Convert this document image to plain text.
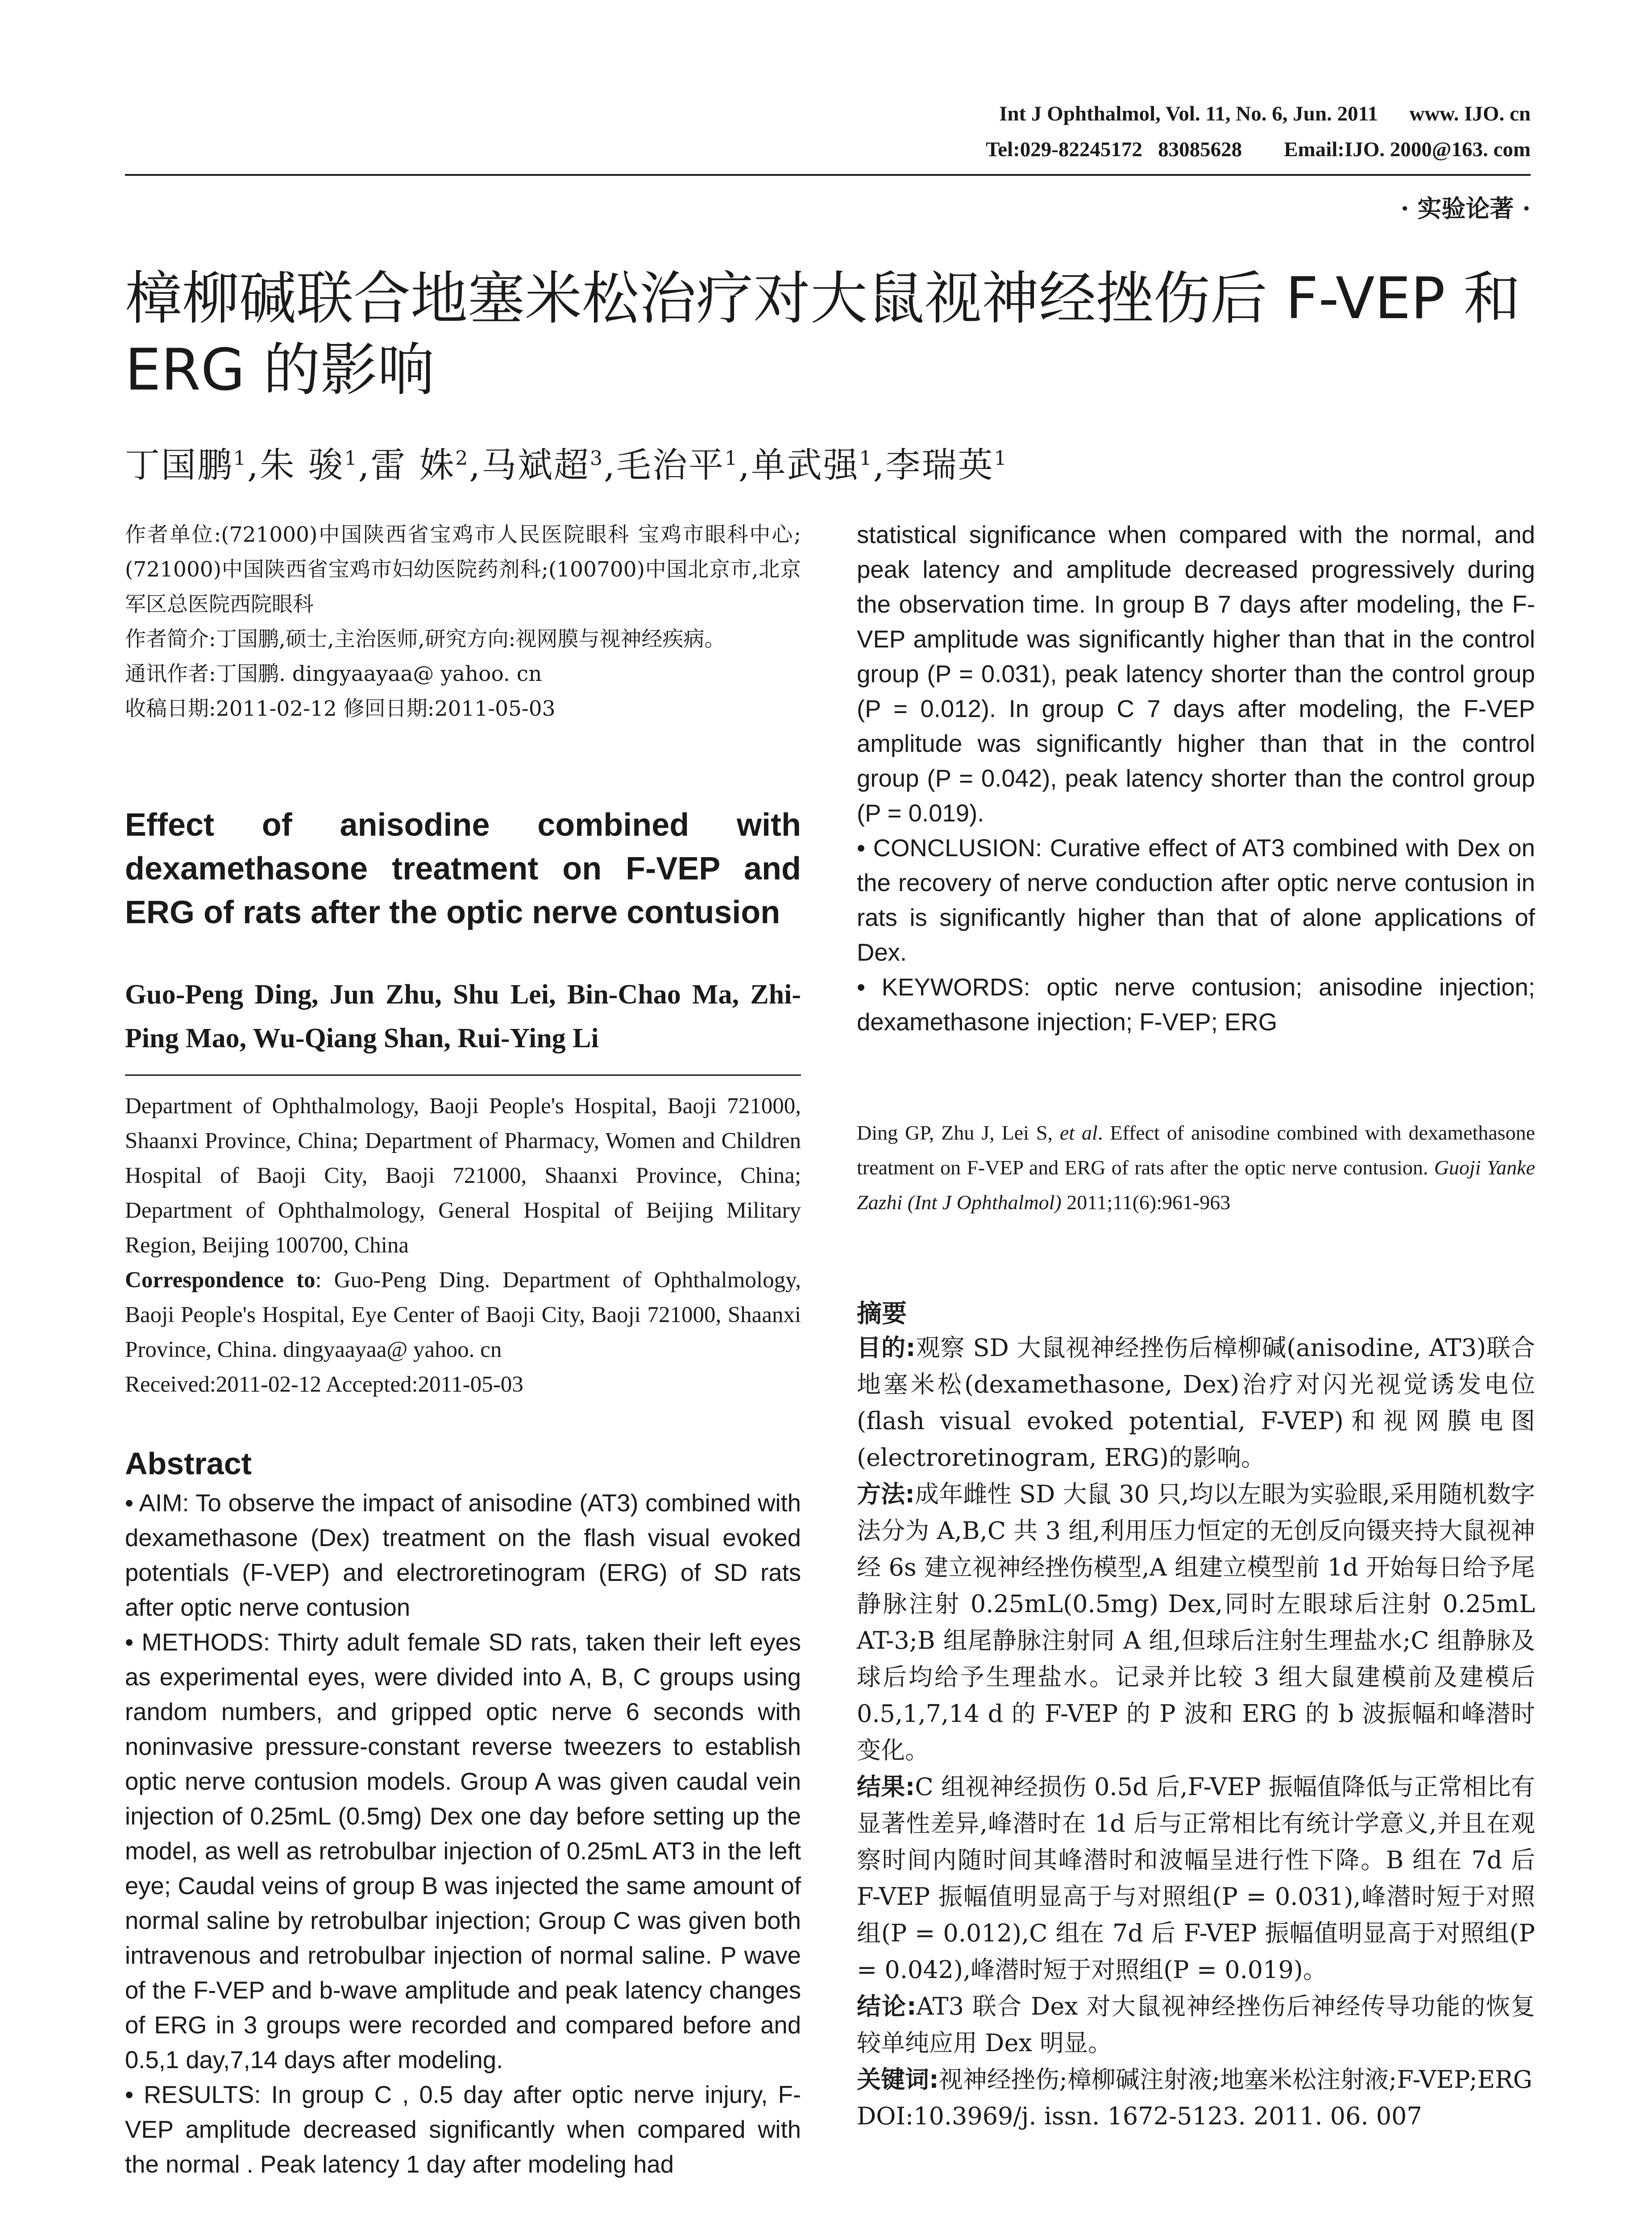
Int J Ophthalmol, Vol. 11, No. 6, Jun. 2011      www. IJO. cn
Tel:029-82245172   83085628        Email:IJO. 2000@163. com
· 实验论著 ·
樟柳碱联合地塞米松治疗对大鼠视神经挫伤后 F-VEP 和 ERG 的影响
丁国鹏$^1$,朱 骏$^1$,雷 姝$^2$,马斌超$^3$,毛治平$^1$,单武强$^1$,李瑞英$^1$

作者单位:(721000)中国陕西省宝鸡市人民医院眼科 宝鸡市眼科中心;(721000)中国陕西省宝鸡市妇幼医院药剂科;(100700)中国北京市,北京军区总医院西院眼科

作者简介:丁国鹏,硕士,主治医师,研究方向:视网膜与视神经疾病。

通讯作者:丁国鹏. dingyaayaa@ yahoo. cn

收稿日期:2011-02-12 修回日期:2011-05-03

Effect of anisodine combined with dexamethasone treatment on F-VEP and ERG of rats after the optic nerve contusion
Guo-Peng Ding, Jun Zhu, Shu Lei, Bin-Chao Ma, Zhi-Ping Mao, Wu-Qiang Shan, Rui-Ying Li

Department of Ophthalmology, Baoji People's Hospital, Baoji 721000, Shaanxi Province, China; Department of Pharmacy, Women and Children Hospital of Baoji City, Baoji 721000, Shaanxi Province, China; Department of Ophthalmology, General Hospital of Beijing Military Region, Beijing 100700, China

Correspondence to: Guo-Peng Ding. Department of Ophthalmology, Baoji People's Hospital, Eye Center of Baoji City, Baoji 721000, Shaanxi Province, China. dingyaayaa@ yahoo. cn

Received:2011-02-12 Accepted:2011-05-03

Abstract

• AIM: To observe the impact of anisodine (AT3) combined with dexamethasone (Dex) treatment on the flash visual evoked potentials (F-VEP) and electroretinogram (ERG) of SD rats after optic nerve contusion

• METHODS: Thirty adult female SD rats, taken their left eyes as experimental eyes, were divided into A, B, C groups using random numbers, and gripped optic nerve 6 seconds with noninvasive pressure-constant reverse tweezers to establish optic nerve contusion models. Group A was given caudal vein injection of 0.25mL (0.5mg) Dex one day before setting up the model, as well as retrobulbar injection of 0.25mL AT3 in the left eye; Caudal veins of group B was injected the same amount of normal saline by retrobulbar injection; Group C was given both intravenous and retrobulbar injection of normal saline. P wave of the F-VEP and b-wave amplitude and peak latency changes of ERG in 3 groups were recorded and compared before and 0.5,1 day,7,14 days after modeling.

• RESULTS: In group C , 0.5 day after optic nerve injury, F-VEP amplitude decreased significantly when compared with the normal . Peak latency 1 day after modeling had

statistical significance when compared with the normal, and peak latency and amplitude decreased progressively during the observation time. In group B 7 days after modeling, the F-VEP amplitude was significantly higher than that in the control group (P = 0.031), peak latency shorter than the control group (P = 0.012). In group C 7 days after modeling, the F-VEP amplitude was significantly higher than that in the control group (P = 0.042), peak latency shorter than the control group (P = 0.019).

• CONCLUSION: Curative effect of AT3 combined with Dex on the recovery of nerve conduction after optic nerve contusion in rats is significantly higher than that of alone applications of Dex.

• KEYWORDS: optic nerve contusion; anisodine injection; dexamethasone injection; F-VEP; ERG

Ding GP, Zhu J, Lei S, et al. Effect of anisodine combined with dexamethasone treatment on F-VEP and ERG of rats after the optic nerve contusion. Guoji Yanke Zazhi (Int J Ophthalmol) 2011;11(6):961-963
摘要

目的:观察 SD 大鼠视神经挫伤后樟柳碱(anisodine, AT3)联合地塞米松(dexamethasone, Dex)治疗对闪光视觉诱发电位(flash visual evoked potential, F-VEP)和视网膜电图(electroretinogram, ERG)的影响。

方法:成年雌性 SD 大鼠 30 只,均以左眼为实验眼,采用随机数字法分为 A,B,C 共 3 组,利用压力恒定的无创反向镊夹持大鼠视神经 6s 建立视神经挫伤模型,A 组建立模型前 1d 开始每日给予尾静脉注射 0.25mL(0.5mg) Dex,同时左眼球后注射 0.25mL AT-3;B 组尾静脉注射同 A 组,但球后注射生理盐水;C 组静脉及球后均给予生理盐水。记录并比较 3 组大鼠建模前及建模后 0.5,1,7,14 d 的 F-VEP 的 P 波和 ERG 的 b 波振幅和峰潜时变化。

结果:C 组视神经损伤 0.5d 后,F-VEP 振幅值降低与正常相比有显著性差异,峰潜时在 1d 后与正常相比有统计学意义,并且在观察时间内随时间其峰潜时和波幅呈进行性下降。B 组在 7d 后 F-VEP 振幅值明显高于与对照组(P = 0.031),峰潜时短于对照组(P = 0.012),C 组在 7d 后 F-VEP 振幅值明显高于对照组(P = 0.042),峰潜时短于对照组(P = 0.019)。

结论:AT3 联合 Dex 对大鼠视神经挫伤后神经传导功能的恢复较单纯应用 Dex 明显。

关键词:视神经挫伤;樟柳碱注射液;地塞米松注射液;F-VEP;ERG

DOI:10.3969/j. issn. 1672-5123. 2011. 06. 007
